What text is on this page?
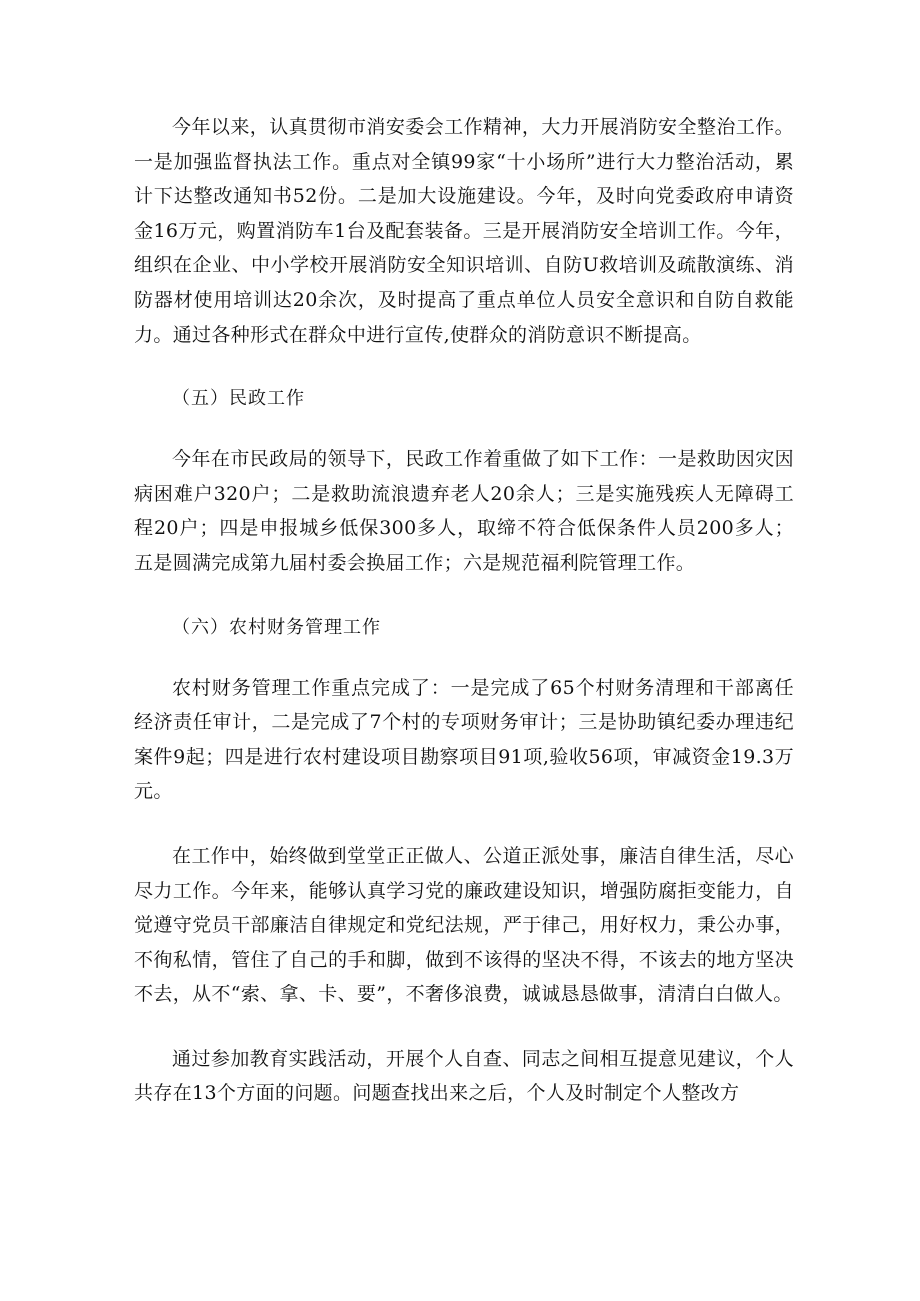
今年以来，认真贯彻市消安委会工作精神，大力开展消防安全整治工作。一是加强监督执法工作。重点对全镇99家“十小场所”进行大力整治活动，累计下达整改通知书52份。二是加大设施建设。今年，及时向党委政府申请资金16万元，购置消防车1台及配套装备。三是开展消防安全培训工作。今年，组织在企业、中小学校开展消防安全知识培训、自防U救培训及疏散演练、消防器材使用培训达20余次，及时提高了重点单位人员安全意识和自防自救能力。通过各种形式在群众中进行宣传,使群众的消防意识不断提高。

（五）民政工作

今年在市民政局的领导下，民政工作着重做了如下工作：一是救助因灾因病困难户320户；二是救助流浪遗弃老人20余人；三是实施残疾人无障碍工程20户；四是申报城乡低保300多人，取缔不符合低保条件人员200多人；五是圆满完成第九届村委会换届工作；六是规范福利院管理工作。

（六）农村财务管理工作

农村财务管理工作重点完成了：一是完成了65个村财务清理和干部离任经济责任审计，二是完成了7个村的专项财务审计；三是协助镇纪委办理违纪案件9起；四是进行农村建设项目勘察项目91项,验收56项，审减资金19.3万元。

在工作中，始终做到堂堂正正做人、公道正派处事，廉洁自律生活，尽心尽力工作。今年来，能够认真学习党的廉政建设知识，增强防腐拒变能力，自觉遵守党员干部廉洁自律规定和党纪法规，严于律己，用好权力，秉公办事，不徇私情，管住了自己的手和脚，做到不该得的坚决不得，不该去的地方坚决不去，从不“索、拿、卡、要”，不奢侈浪费，诚诚恳恳做事，清清白白做人。

通过参加教育实践活动，开展个人自查、同志之间相互提意见建议，个人共存在13个方面的问题。问题查找出来之后，个人及时制定个人整改方
